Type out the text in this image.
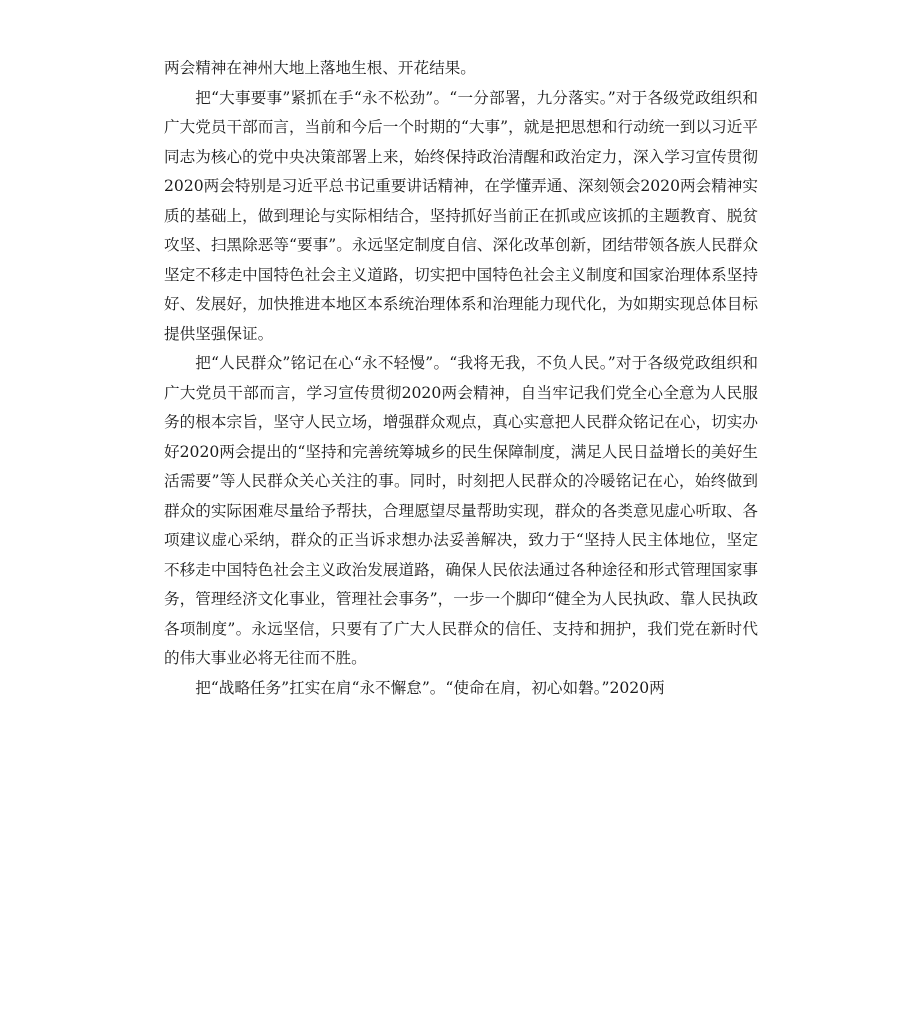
两会精神在神州大地上落地生根、开花结果。

把“大事要事”紧抓在手“永不松劲”。“一分部署，九分落实。”对于各级党政组织和广大党员干部而言，当前和今后一个时期的“大事”，就是把思想和行动统一到以习近平同志为核心的党中央决策部署上来，始终保持政治清醒和政治定力，深入学习宣传贯彻2020两会特别是习近平总书记重要讲话精神，在学懂弄通、深刻领会2020两会精神实质的基础上，做到理论与实际相结合，坚持抓好当前正在抓或应该抓的主题教育、脱贫攻坚、扫黑除恶等“要事”。永远坚定制度自信、深化改革创新，团结带领各族人民群众坚定不移走中国特色社会主义道路，切实把中国特色社会主义制度和国家治理体系坚持好、发展好，加快推进本地区本系统治理体系和治理能力现代化，为如期实现总体目标提供坚强保证。

把“人民群众”铭记在心“永不轻慢”。“我将无我，不负人民。”对于各级党政组织和广大党员干部而言，学习宣传贯彻2020两会精神，自当牢记我们党全心全意为人民服务的根本宗旨，坚守人民立场，增强群众观点，真心实意把人民群众铭记在心，切实办好2020两会提出的“坚持和完善统筹城乡的民生保障制度，满足人民日益增长的美好生活需要”等人民群众关心关注的事。同时，时刻把人民群众的冷暖铭记在心，始终做到群众的实际困难尽量给予帮扶，合理愿望尽量帮助实现，群众的各类意见虚心听取、各项建议虚心采纳，群众的正当诉求想办法妥善解决，致力于“坚持人民主体地位，坚定不移走中国特色社会主义政治发展道路，确保人民依法通过各种途径和形式管理国家事务，管理经济文化事业，管理社会事务”，一步一个脚印“健全为人民执政、靠人民执政各项制度”。永远坚信，只要有了广大人民群众的信任、支持和拥护，我们党在新时代的伟大事业必将无往而不胜。

把“战略任务”扛实在肩“永不懈怠”。“使命在肩，初心如磐。”2020两
